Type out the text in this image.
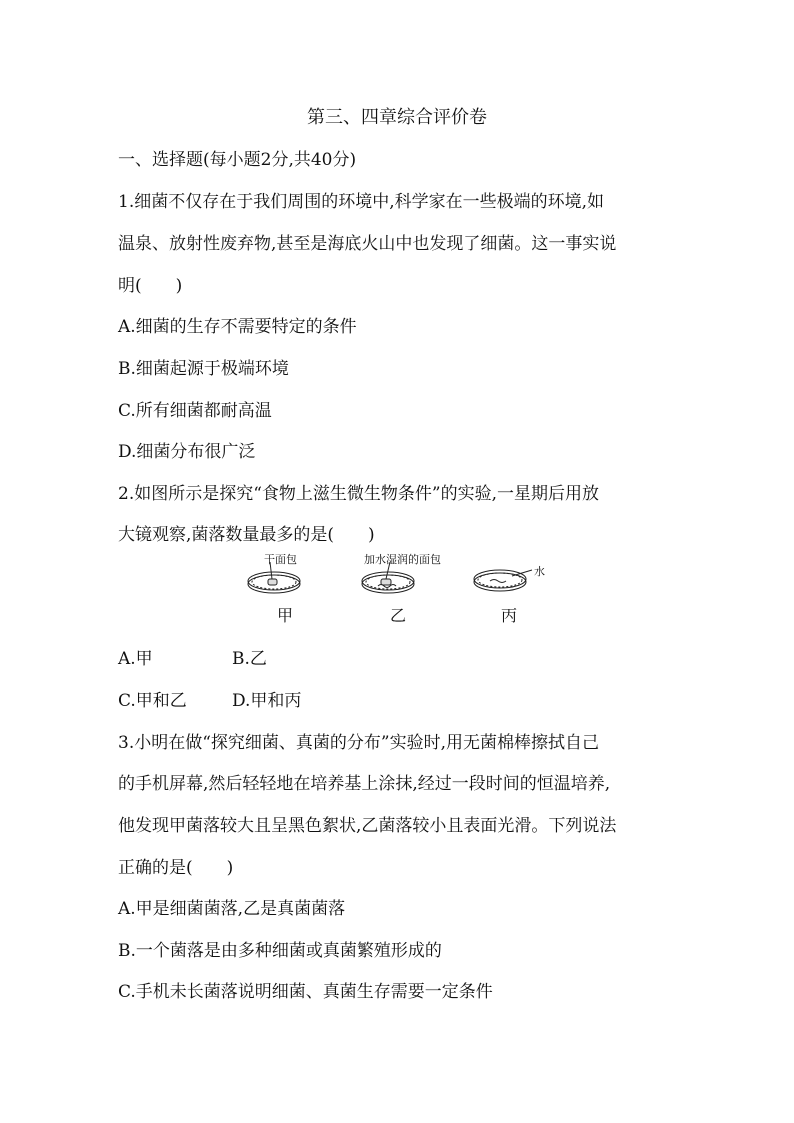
第三、四章综合评价卷
一、选择题(每小题2分,共40分)
1.细菌不仅存在于我们周围的环境中,科学家在一些极端的环境,如
温泉、放射性废弃物,甚至是海底火山中也发现了细菌。这一事实说
明(　　)
A.细菌的生存不需要特定的条件
B.细菌起源于极端环境
C.所有细菌都耐高温
D.细菌分布很广泛
2.如图所示是探究“食物上滋生微生物条件”的实验,一星期后用放
大镜观察,菌落数量最多的是(　　)
干面包	加水湿润的面包
水
甲	乙	丙
A.甲	B.乙
C.甲和乙	D.甲和丙
3.小明在做“探究细菌、真菌的分布”实验时,用无菌棉棒擦拭自己
的手机屏幕,然后轻轻地在培养基上涂抹,经过一段时间的恒温培养,
他发现甲菌落较大且呈黑色絮状,乙菌落较小且表面光滑。下列说法
正确的是(　　)
A.甲是细菌菌落,乙是真菌菌落
B.一个菌落是由多种细菌或真菌繁殖形成的
C.手机未长菌落说明细菌、真菌生存需要一定条件
